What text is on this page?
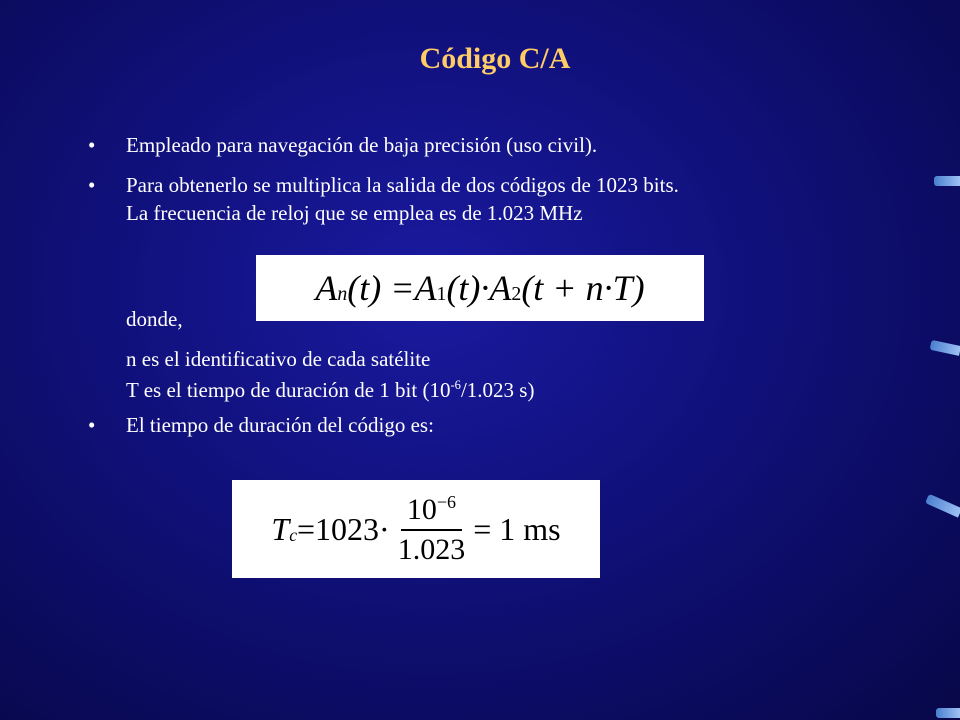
Código C/A
• Empleado para navegación de baja precisión (uso civil).
• Para obtenerlo se multiplica la salida de dos códigos de 1023 bits.
La frecuencia de reloj que se emplea es de 1.023 MHz
A n (t) = A 1 (t)· A 2 (t + n·T)
donde,
n es el identificativo de cada satélite
T es el tiempo de duración de 1 bit ($10^{-6}/1.023$ s)
• El tiempo de duración del código es:
T $c =1023\cdot \frac{10^{-6}}{1.023} = 1$ ms
